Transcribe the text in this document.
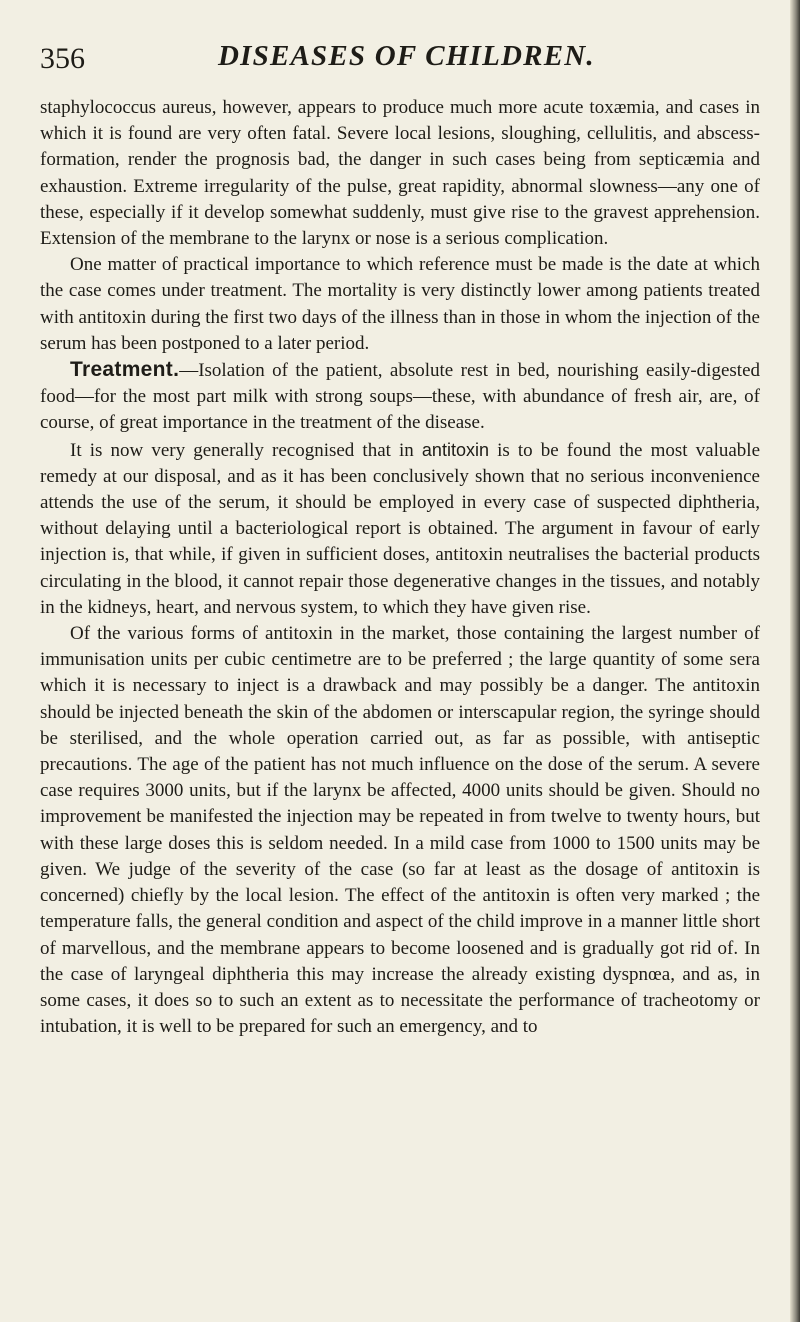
356	DISEASES OF CHILDREN.

staphylococcus aureus, however, appears to produce much more acute toxæmia, and cases in which it is found are very often fatal. Severe local lesions, sloughing, cellulitis, and abscess-formation, render the prognosis bad, the danger in such cases being from septicæmia and exhaustion. Extreme irregularity of the pulse, great rapidity, abnormal slowness—any one of these, especially if it develop somewhat suddenly, must give rise to the gravest apprehension. Extension of the membrane to the larynx or nose is a serious complication.

One matter of practical importance to which reference must be made is the date at which the case comes under treatment. The mortality is very distinctly lower among patients treated with antitoxin during the first two days of the illness than in those in whom the injection of the serum has been postponed to a later period.

Treatment.—Isolation of the patient, absolute rest in bed, nourishing easily-digested food—for the most part milk with strong soups—these, with abundance of fresh air, are, of course, of great importance in the treatment of the disease.

It is now very generally recognised that in antitoxin is to be found the most valuable remedy at our disposal, and as it has been conclusively shown that no serious inconvenience attends the use of the serum, it should be employed in every case of suspected diphtheria, without delaying until a bacteriological report is obtained. The argument in favour of early injection is, that while, if given in sufficient doses, antitoxin neutralises the bacterial products circulating in the blood, it cannot repair those degenerative changes in the tissues, and notably in the kidneys, heart, and nervous system, to which they have given rise.

Of the various forms of antitoxin in the market, those containing the largest number of immunisation units per cubic centimetre are to be preferred ; the large quantity of some sera which it is necessary to inject is a drawback and may possibly be a danger. The antitoxin should be injected beneath the skin of the abdomen or interscapular region, the syringe should be sterilised, and the whole operation carried out, as far as possible, with antiseptic precautions. The age of the patient has not much influence on the dose of the serum. A severe case requires 3000 units, but if the larynx be affected, 4000 units should be given. Should no improvement be manifested the injection may be repeated in from twelve to twenty hours, but with these large doses this is seldom needed. In a mild case from 1000 to 1500 units may be given. We judge of the severity of the case (so far at least as the dosage of antitoxin is concerned) chiefly by the local lesion. The effect of the antitoxin is often very marked ; the temperature falls, the general condition and aspect of the child improve in a manner little short of marvellous, and the membrane appears to become loosened and is gradually got rid of. In the case of laryngeal diphtheria this may increase the already existing dyspnœa, and as, in some cases, it does so to such an extent as to necessitate the performance of tracheotomy or intubation, it is well to be prepared for such an emergency, and to
